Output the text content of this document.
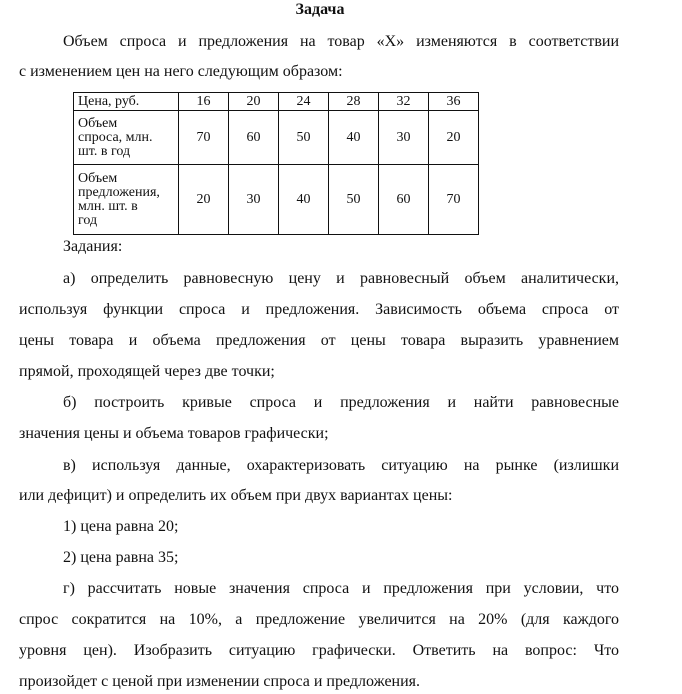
Задача
Объем спроса и предложения на товар «Х» изменяются в соответствии
с изменением цен на него следующим образом:
Цена, руб.	16	20	24	28	32	36

Объем
спроса, млн.
шт. в год	70	60	50	40	30	20

Объем
предложения,
млн. шт. в
год	20	30	40	50	60	70
Задания:
а) определить равновесную цену и равновесный объем аналитически,
используя функции спроса и предложения. Зависимость объема спроса от
цены товара и объема предложения от цены товара выразить уравнением
прямой, проходящей через две точки;
б) построить кривые спроса и предложения и найти равновесные
значения цены и объема товаров графически;
в) используя данные, охарактеризовать ситуацию на рынке (излишки
или дефицит) и определить их объем при двух вариантах цены:
1) цена равна 20;
2) цена равна 35;
г) рассчитать новые значения спроса и предложения при условии, что
спрос сократится на 10%, а предложение увеличится на 20% (для каждого
уровня цен). Изобразить ситуацию графически. Ответить на вопрос: Что
произойдет с ценой при изменении спроса и предложения.
